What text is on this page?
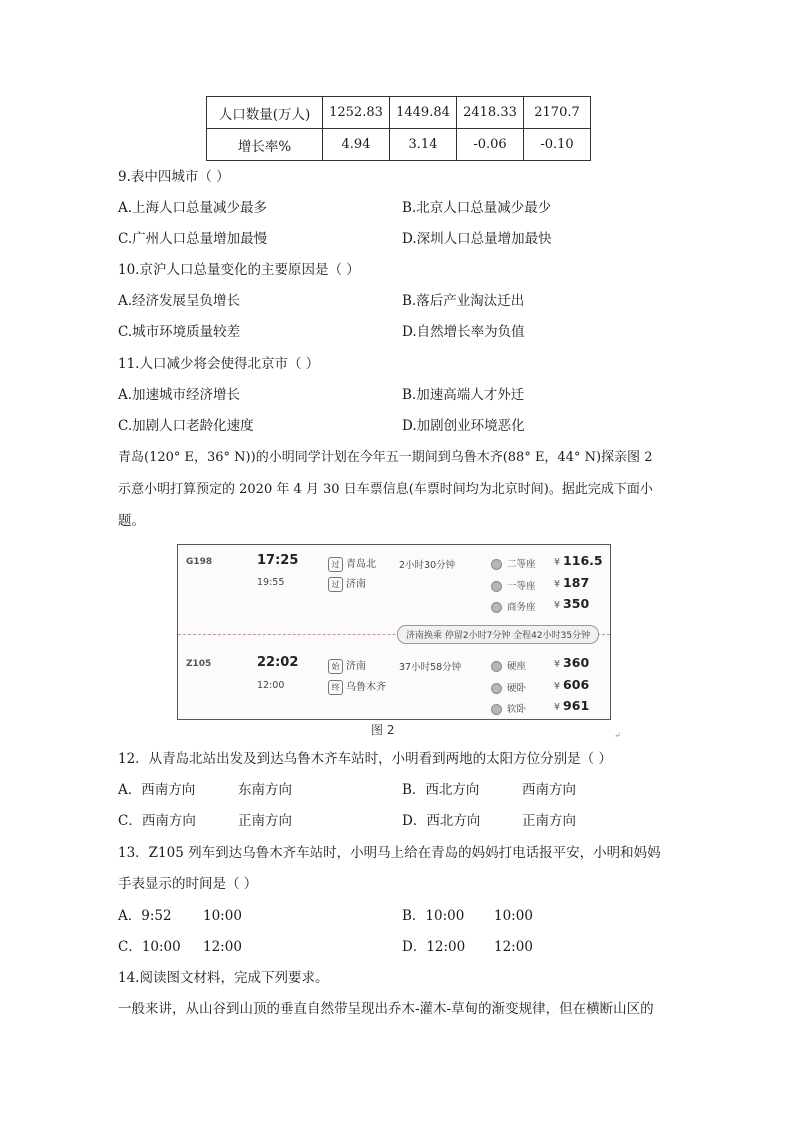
人口数量(万人)	1252.83	1449.84	2418.33	2170.7
增长率%	4.94	3.14	-0.06	-0.10
9.表中四城市（ ）
A.上海人口总量减少最多	B.北京人口总量减少最少
C.广州人口总量增加最慢	D.深圳人口总量增加最快
10.京沪人口总量变化的主要原因是（ ）
A.经济发展呈负增长	B.落后产业淘汰迁出
C.城市环境质量较差	D.自然增长率为负值
11.人口减少将会使得北京市（ ）
A.加速城市经济增长	B.加速高端人才外迁
C.加剧人口老龄化速度	D.加剧创业环境恶化
青岛(120° E，36° N))的小明同学计划在今年五一期间到乌鲁木齐(88° E，44° N)探亲图 2
示意小明打算预定的 2020 年 4 月 30 日车票信息(车票时间均为北京时间)。据此完成下面小
题。
G198	17:25
19:55
过 青岛北
过 济南
2小时30分钟	二等座 ¥ 116.5
一等座 ¥ 187
商务座 ¥ 350
济南换乘 停留2小时7分钟 全程42小时35分钟
Z105	22:02
12:00
始 济南
终 乌鲁木齐
37小时58分钟	硬座	¥ 360
硬卧	¥ 606
软卧	¥ 961
图 2	↵
12．从青岛北站出发及到达乌鲁木齐车站时，小明看到两地的太阳方位分别是（ ）
A．西南方向	东南方向	B．西北方向	西南方向
C．西南方向	正南方向	D．西北方向	正南方向
13．Z105 列车到达乌鲁木齐车站时，小明马上给在青岛的妈妈打电话报平安，小明和妈妈
手表显示的时间是（ ）
A．9:52 10:00	B．10:00 10:00
C．10:00 12:00	D．12:00 12:00
14.阅读图文材料，完成下列要求。
一般来讲，从山谷到山顶的垂直自然带呈现出乔木-灌木-草甸的渐变规律，但在横断山区的
